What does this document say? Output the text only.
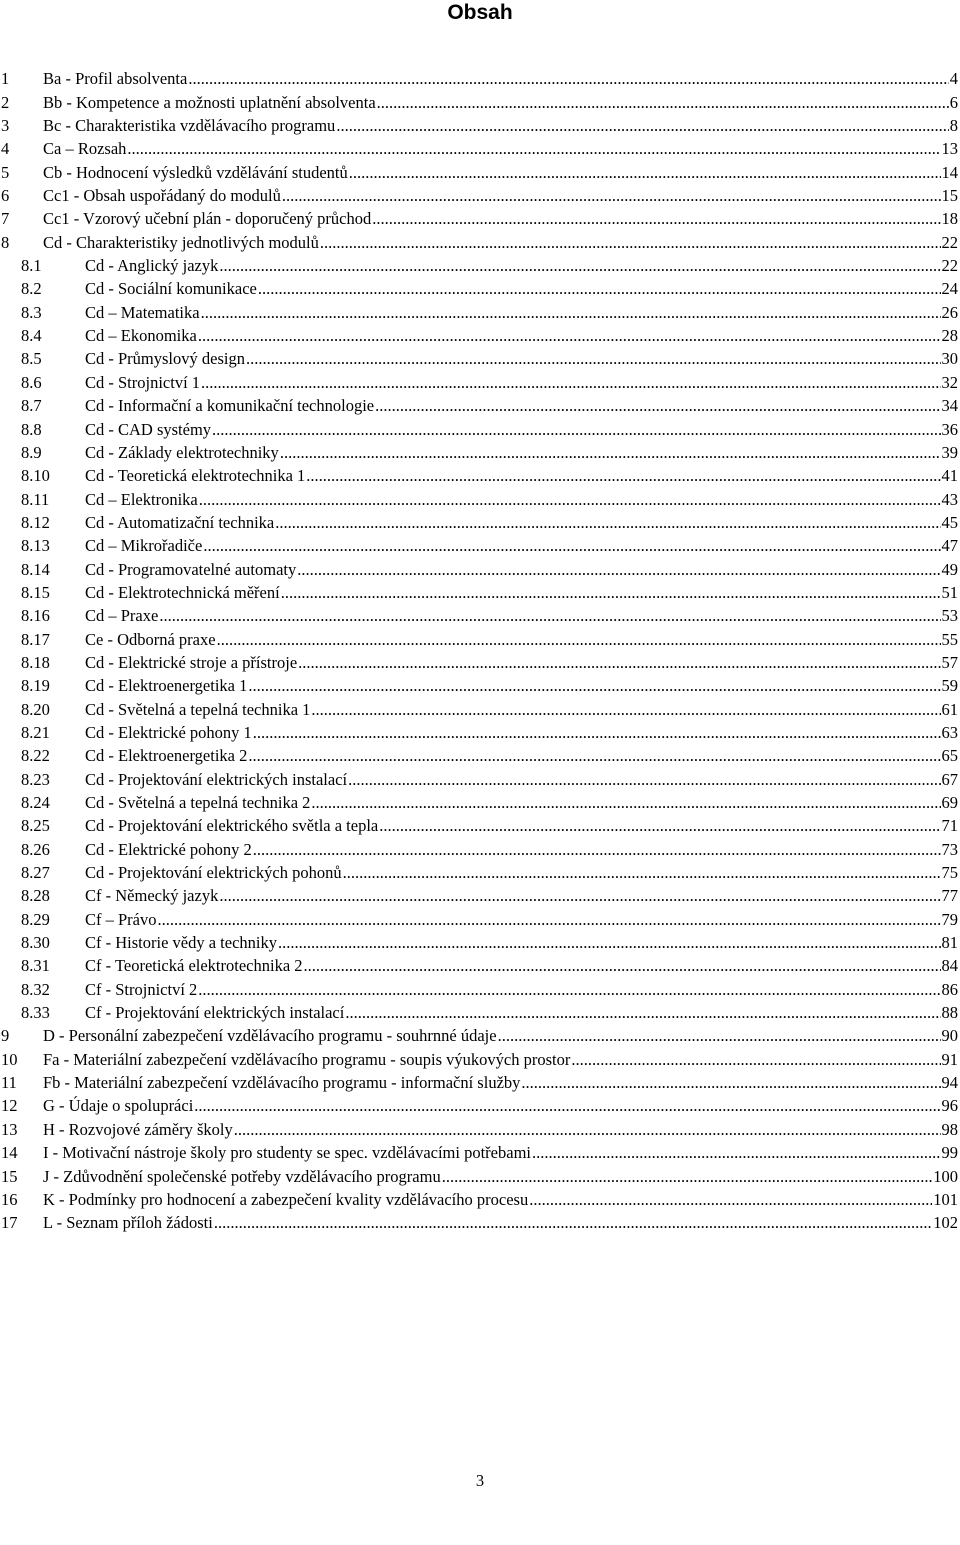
Obsah
1 Ba - Profil absolventa .....	4
2 Bb - Kompetence a možnosti uplatnění absolventa .....	6
3 Bc - Charakteristika vzdělávacího programu .....	8
4 Ca – Rozsah .....	13
5 Cb - Hodnocení výsledků vzdělávání studentů .....	14
6 Cc1 - Obsah uspořádaný do modulů .....	15
7 Cc1 - Vzorový učební plán - doporučený průchod .....	18
8 Cd - Charakteristiky jednotlivých modulů .....	22
8.1	Cd - Anglický jazyk .....	22
8.2	Cd - Sociální komunikace .....	24
8.3	Cd – Matematika .....	26
8.4	Cd – Ekonomika .....	28
8.5	Cd - Průmyslový design .....	30
8.6	Cd - Strojnictví 1 .....	32
8.7	Cd - Informační a komunikační technologie .....	34
8.8	Cd - CAD systémy .....	36
8.9	Cd - Základy elektrotechniky .....	39
8.10 Cd - Teoretická elektrotechnika 1 .....	41
8.11 Cd – Elektronika .....	43
8.12 Cd - Automatizační technika .....	45
8.13 Cd – Mikrořadiče .....	47
8.14 Cd - Programovatelné automaty .....	49
8.15 Cd - Elektrotechnická měření .....	51
8.16 Cd – Praxe .....	53
8.17 Ce - Odborná praxe .....	55
8.18 Cd - Elektrické stroje a přístroje .....	57
8.19 Cd - Elektroenergetika 1 .....	59
8.20 Cd - Světelná a tepelná technika 1 .....	61
8.21 Cd - Elektrické pohony 1 .....	63
8.22 Cd - Elektroenergetika 2 .....	65
8.23 Cd - Projektování elektrických instalací .....	67
8.24 Cd - Světelná a tepelná technika 2 .....	69
8.25 Cd - Projektování elektrického světla a tepla .....	71
8.26 Cd - Elektrické pohony 2 .....	73
8.27 Cd - Projektování elektrických pohonů .....	75
8.28 Cf - Německý jazyk .....	77
8.29 Cf – Právo .....	79
8.30 Cf - Historie vědy a techniky .....	81
8.31 Cf - Teoretická elektrotechnika 2 .....	84
8.32 Cf - Strojnictví 2 .....	86
8.33 Cf - Projektování elektrických instalací .....	88
9 D - Personální zabezpečení vzdělávacího programu - souhrnné údaje .....	90
10 Fa - Materiální zabezpečení vzdělávacího programu - soupis výukových prostor .....	91
11 Fb - Materiální zabezpečení vzdělávacího programu - informační služby .....	94
12 G - Údaje o spolupráci .....	96
13 H - Rozvojové záměry školy .....	98
14 I - Motivační nástroje školy pro studenty se spec. vzdělávacími potřebami .....	99
15 J - Zdůvodnění společenské potřeby vzdělávacího programu .....	100
16 K - Podmínky pro hodnocení a zabezpečení kvality vzdělávacího procesu .....	101
17 L - Seznam příloh žádosti .....	102
3
